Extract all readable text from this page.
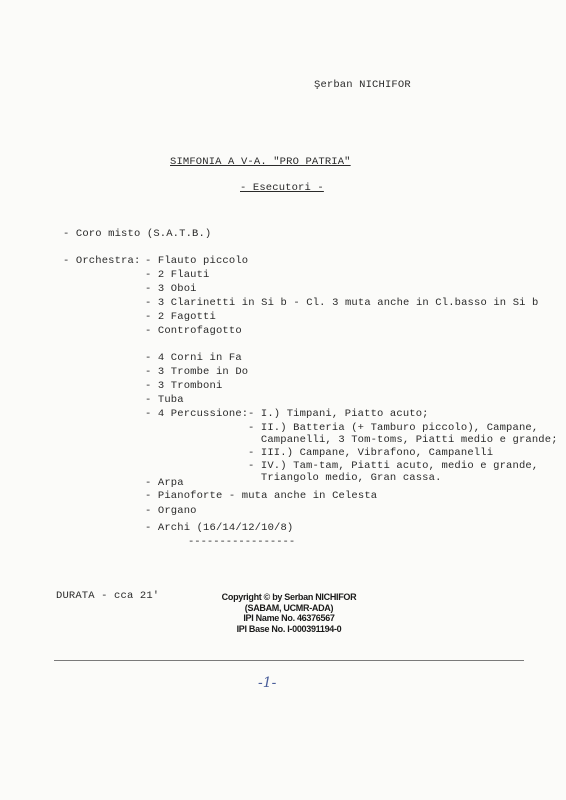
Şerban NICHIFOR
SIMFONIA A V-A. "PRO PATRIA"
- Esecutori -
- Coro misto (S.A.T.B.)
- Orchestra: - Flauto piccolo
- 2 Flauti
- 3 Oboi
- 3 Clarinetti in Si b - Cl. 3 muta anche in Cl.basso in Si b
- 2 Fagotti
- Controfagotto
- 4 Corni in Fa
- 3 Trombe in Do
- 3 Tromboni
- Tuba
- 4 Percussione: - I.) Timpani, Piatto acuto;
- II.) Batteria (+ Tamburo piccolo), Campane,
Campanelli, 3 Tom-toms, Piatti medio e grande;
- III.) Campane, Vibrafono, Campanelli
- IV.) Tam-tam, Piatti acuto, medio e grande,
Triangolo medio, Gran cassa.
- Arpa
- Pianoforte - muta anche in Celesta
- Organo
- Archi (16/14/12/10/8)
-----------------
DURATA - cca 21'	Copyright © by Serban NICHIFOR
(SABAM, UCMR-ADA)
IPI Name No. 46376567
IPI Base No. I-000391194-0
-1-
